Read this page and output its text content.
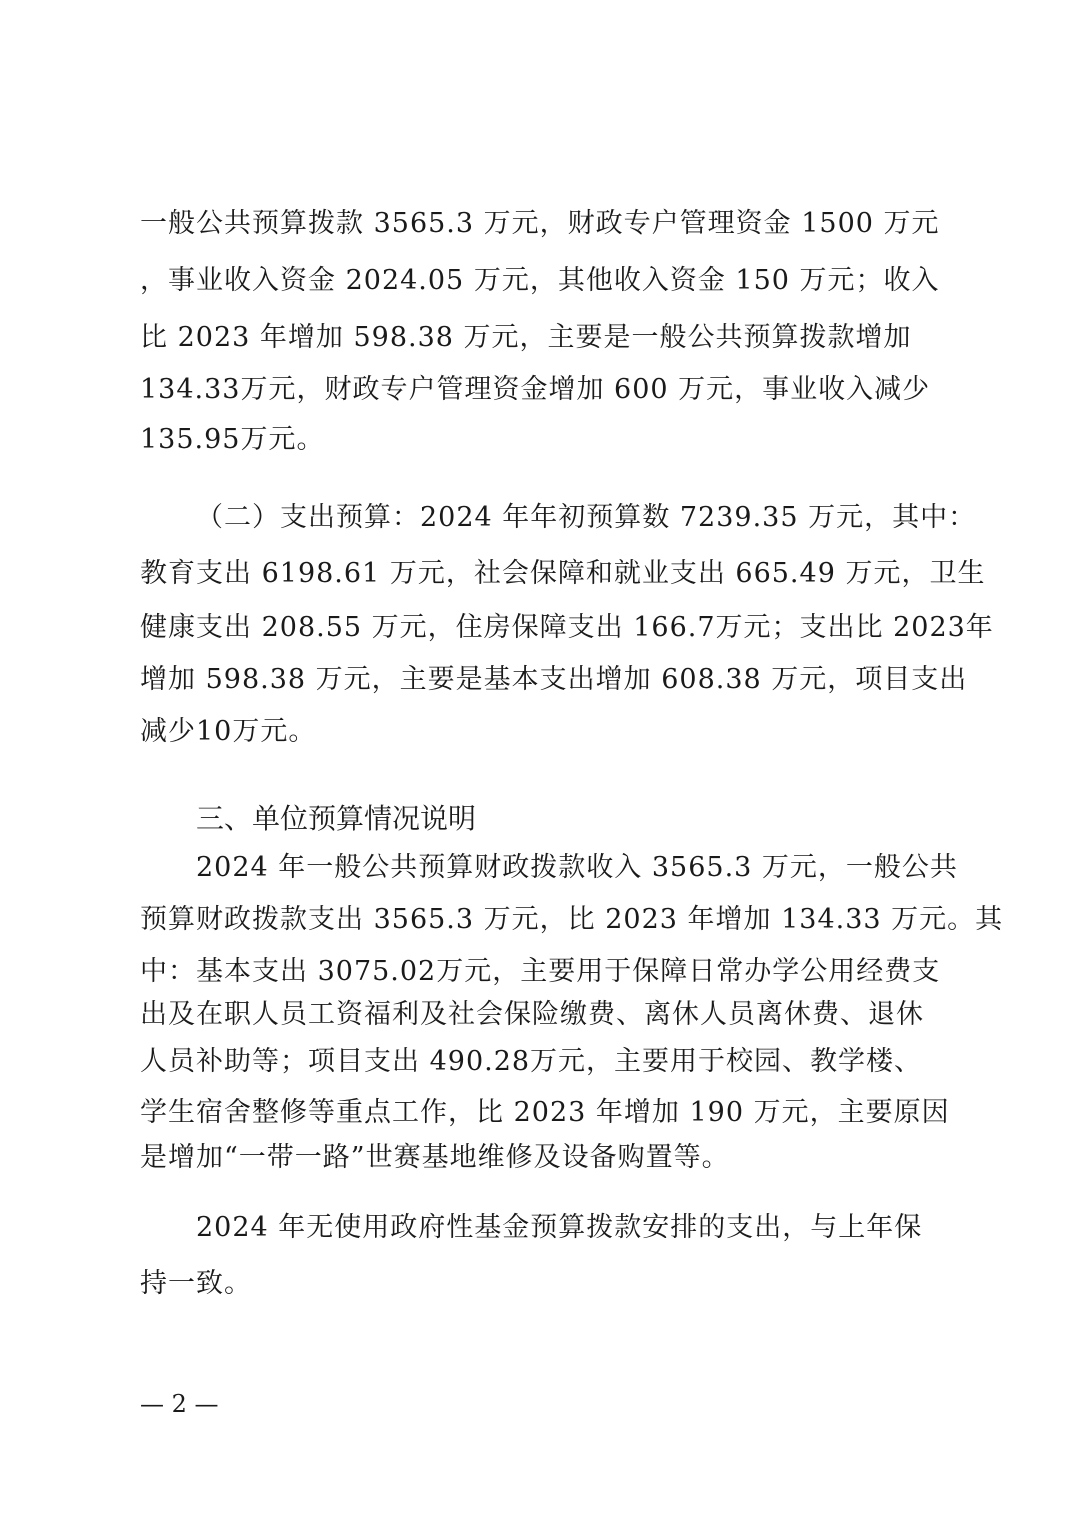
一般公共预算拨款 3565.3 万元，财政专户管理资金 1500 万元
，事业收入资金 2024.05 万元，其他收入资金 150 万元；收入
比 2023 年增加 598.38 万元，主要是一般公共预算拨款增加
134.33万元，财政专户管理资金增加 600 万元，事业收入减少
135.95万元。
（二）支出预算：2024 年年初预算数 7239.35 万元，其中：
教育支出 6198.61 万元，社会保障和就业支出 665.49 万元，卫生
健康支出 208.55 万元，住房保障支出 166.7万元；支出比 2023年
增加 598.38 万元，主要是基本支出增加 608.38 万元，项目支出
减少10万元。
三、单位预算情况说明
2024 年一般公共预算财政拨款收入 3565.3 万元，一般公共
预算财政拨款支出 3565.3 万元，比 2023 年增加 134.33 万元。其
中：基本支出 3075.02万元，主要用于保障日常办学公用经费支
出及在职人员工资福利及社会保险缴费、离休人员离休费、退休
人员补助等；项目支出 490.28万元，主要用于校园、教学楼、
学生宿舍整修等重点工作，比 2023 年增加 190 万元，主要原因
是增加“一带一路”世赛基地维修及设备购置等。
2024 年无使用政府性基金预算拨款安排的支出，与上年保
持一致。
— 2 —
